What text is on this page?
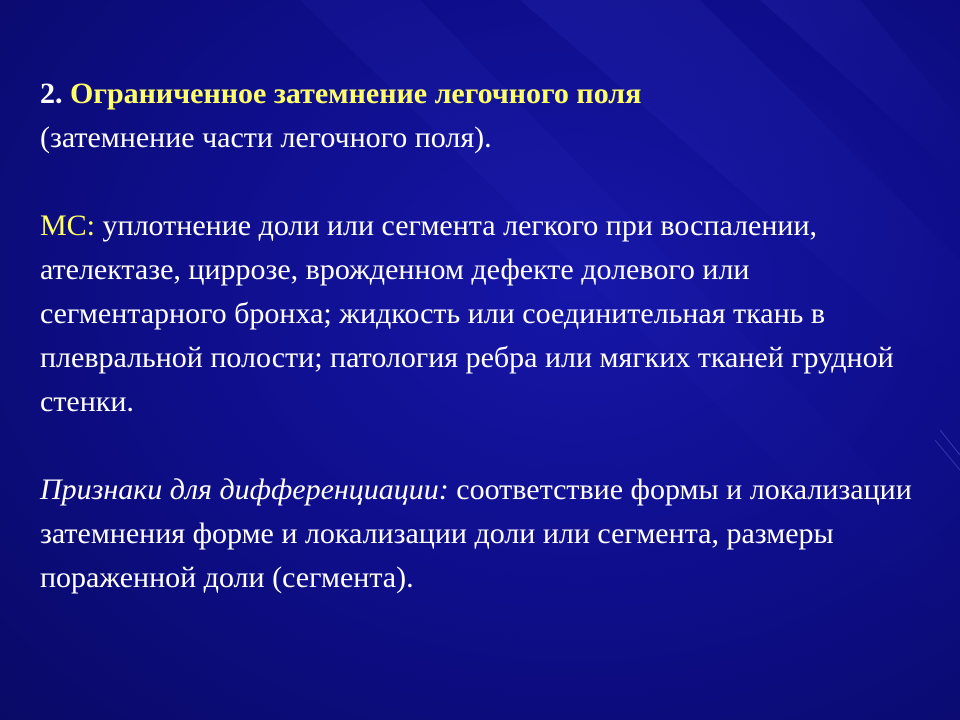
2. Ограниченное затемнение легочного поля
(затемнение части легочного поля).

МС: уплотнение доли или сегмента легкого при воспалении, ателектазе, циррозе, врожденном дефекте долевого или сегментарного бронха; жидкость или соединительная ткань в плевральной полости; патология ребра или мягких тканей грудной стенки.

Признаки для дифференциации: соответствие формы и локализации затемнения форме и локализации доли или сегмента, размеры пораженной доли (сегмента).
